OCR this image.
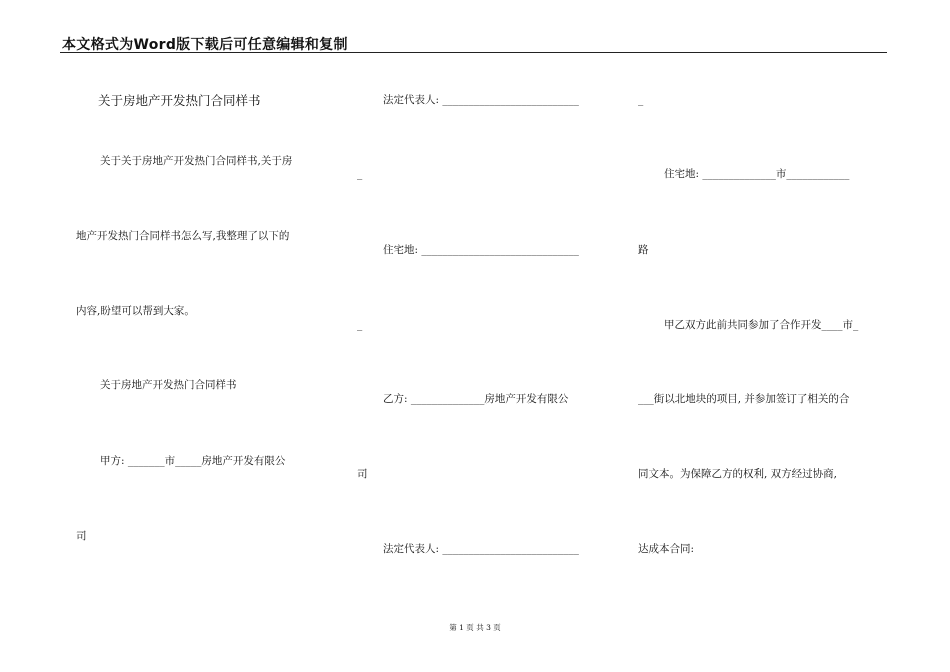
本文格式为Word版下载后可任意编辑和复制
关于房地产开发热门合同样书
关于关于房地产开发热门合同样书,关于房
地产开发热门合同样书怎么写,我整理了以下的
内容,盼望可以帮到大家。
关于房地产开发热门合同样书
甲方: _______市_____房地产开发有限公
司
法定代表人: __________________________
_
住宅地: ______________________________
_
乙方: ______________房地产开发有限公
司
法定代表人: __________________________
_
住宅地: ______________市____________
路
甲乙双方此前共同参加了合作开发____市_
___街以北地块的项目, 并参加签订了相关的合
同文本。为保障乙方的权利, 双方经过协商,
达成本合同:
第 1 页 共 3 页
